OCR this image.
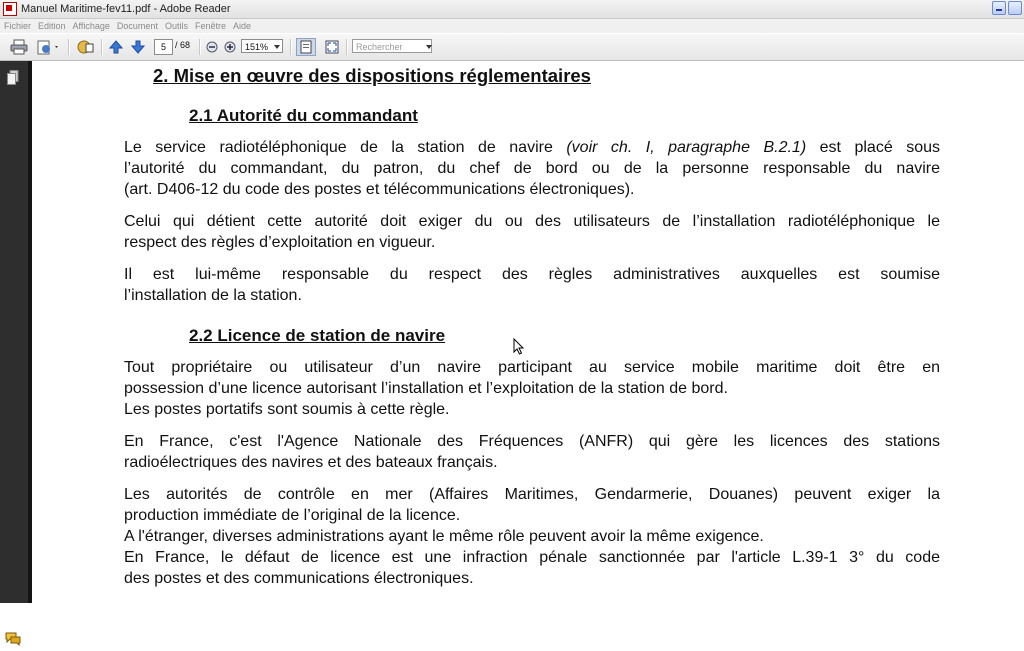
Manuel Maritime-fev11.pdf - Adobe Reader
Fichier Edition Affichage Document Outils Fenêtre Aide
5	/ 68	151%	Rechercher
2. Mise en œuvre des dispositions réglementaires
2.1 Autorité du commandant
Le service radiotéléphonique de la station de navire (voir ch. I, paragraphe B.2.1) est placé sous
l’autorité du commandant, du patron, du chef de bord ou de la personne responsable du navire
(art. D406-12 du code des postes et télécommunications électroniques).
Celui qui détient cette autorité doit exiger du ou des utilisateurs de l’installation radiotéléphonique le
respect des règles d’exploitation en vigueur.
Il est lui-même responsable du respect des règles administratives auxquelles est soumise
l’installation de la station.
2.2 Licence de station de navire
Tout propriétaire ou utilisateur d’un navire participant au service mobile maritime doit être en
possession d’une licence autorisant l’installation et l’exploitation de la station de bord.
Les postes portatifs sont soumis à cette règle.
En France, c'est l'Agence Nationale des Fréquences (ANFR) qui gère les licences des stations
radioélectriques des navires et des bateaux français.
Les autorités de contrôle en mer (Affaires Maritimes, Gendarmerie, Douanes) peuvent exiger la
production immédiate de l’original de la licence.
A l'étranger, diverses administrations ayant le même rôle peuvent avoir la même exigence.
En France, le défaut de licence est une infraction pénale sanctionnée par l'article L.39-1 3° du code
des postes et des communications électroniques.
